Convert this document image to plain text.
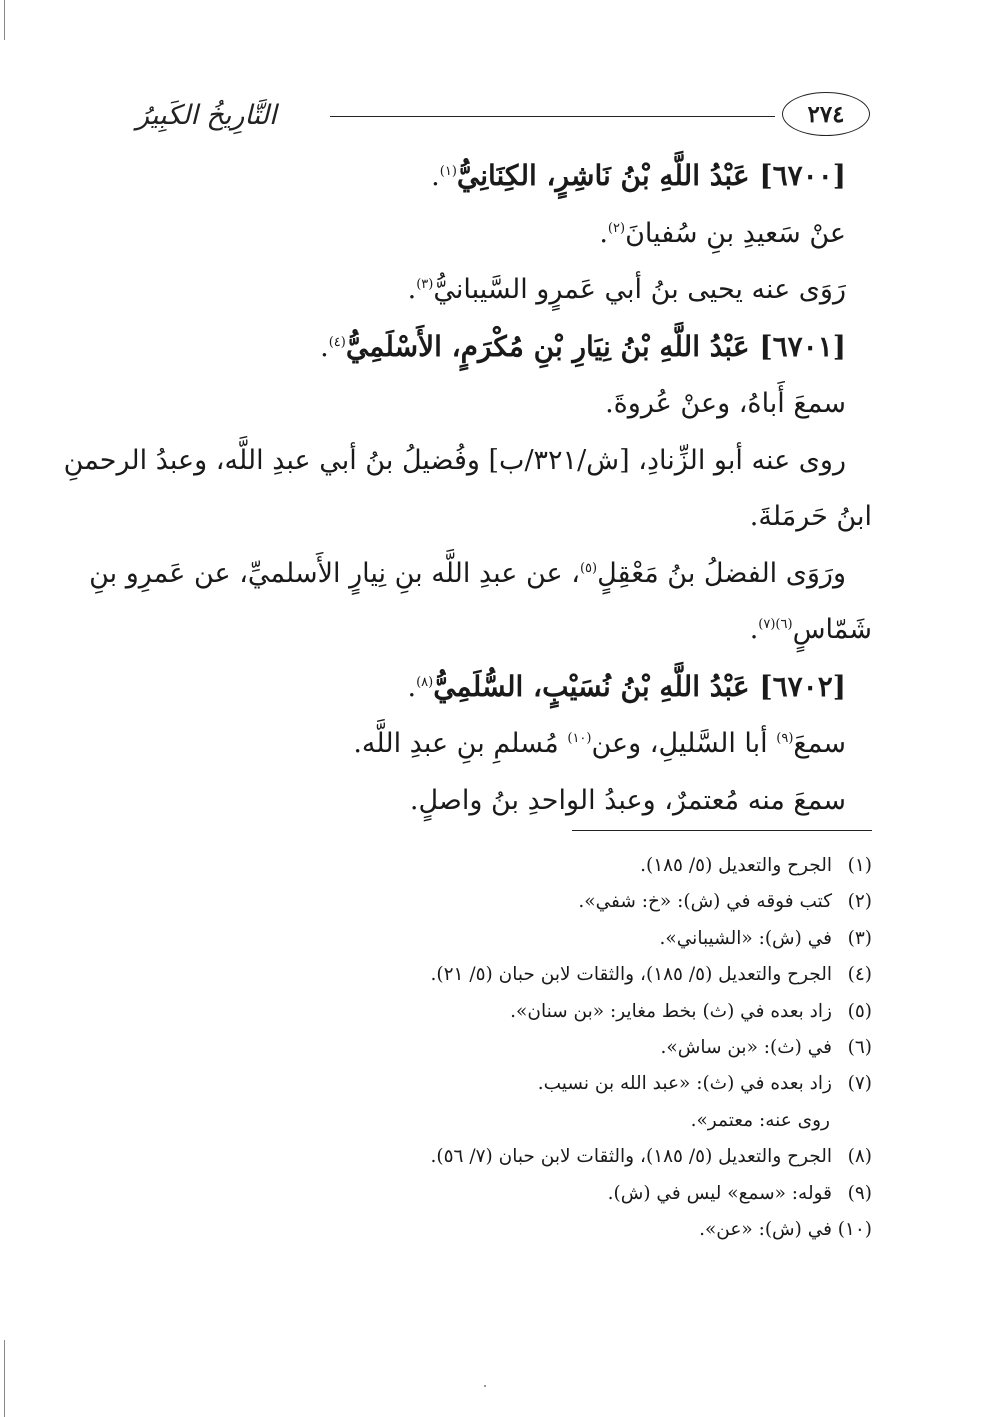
التَّارِيخُ الكَبِيرُ	٢٧٤
[٦٧٠٠] عَبْدُ اللَّهِ بْنُ نَاشِرٍ، الكِنَانِيُّ$^{(١)}$.
عنْ سَعيدِ بنِ سُفيانَ$^{(٢)}$.
رَوَى عنه يحيى بنُ أبي عَمرٍو السَّيبانيُّ$^{(٣)}$.
[٦٧٠١] عَبْدُ اللَّهِ بْنُ نِيَارِ بْنِ مُكْرَمٍ، الأَسْلَمِيُّ$^{(٤)}$.
سمعَ أَباهُ، وعنْ عُروةَ.
روى عنه أبو الزِّنادِ، [ش/٣٢١/ب] وفُضيلُ بنُ أبي عبدِ اللَّه، وعبدُ الرحمنِ
ابنُ حَرمَلةَ.
ورَوَى الفضلُ بنُ مَعْقِلٍ$^{(٥)}$، عن عبدِ اللَّه بنِ نِيارٍ الأَسلميِّ، عن عَمرِو بنِ
شَمّاسٍ$^{(٦)(٧)}$.
[٦٧٠٢] عَبْدُ اللَّهِ بْنُ نُسَيْبٍ، السُّلَمِيُّ$^{(٨)}$.
سمعَ$^{(٩)}$ أبا السَّليلِ، وعن$^{(١٠)}$ مُسلمِ بنِ عبدِ اللَّه.
سمعَ منه مُعتمرٌ، وعبدُ الواحدِ بنُ واصلٍ.
(١)الجرح والتعديل (٥/ ١٨٥).
(٢)كتب فوقه في (ش): «خ: شفي».
(٣)في (ش): «الشيباني».
(٤)الجرح والتعديل (٥/ ١٨٥)، والثقات لابن حبان (٥/ ٢١).
(٥)زاد بعده في (ث) بخط مغاير: «بن سنان».
(٦)في (ث): «بن ساش».
(٧)زاد بعده في (ث): «عبد الله بن نسيب.
روى عنه: معتمر».
(٨)الجرح والتعديل (٥/ ١٨٥)، والثقات لابن حبان (٧/ ٥٦).
(٩)قوله: «سمع» ليس في (ش).
(١٠)في (ش): «عن».
